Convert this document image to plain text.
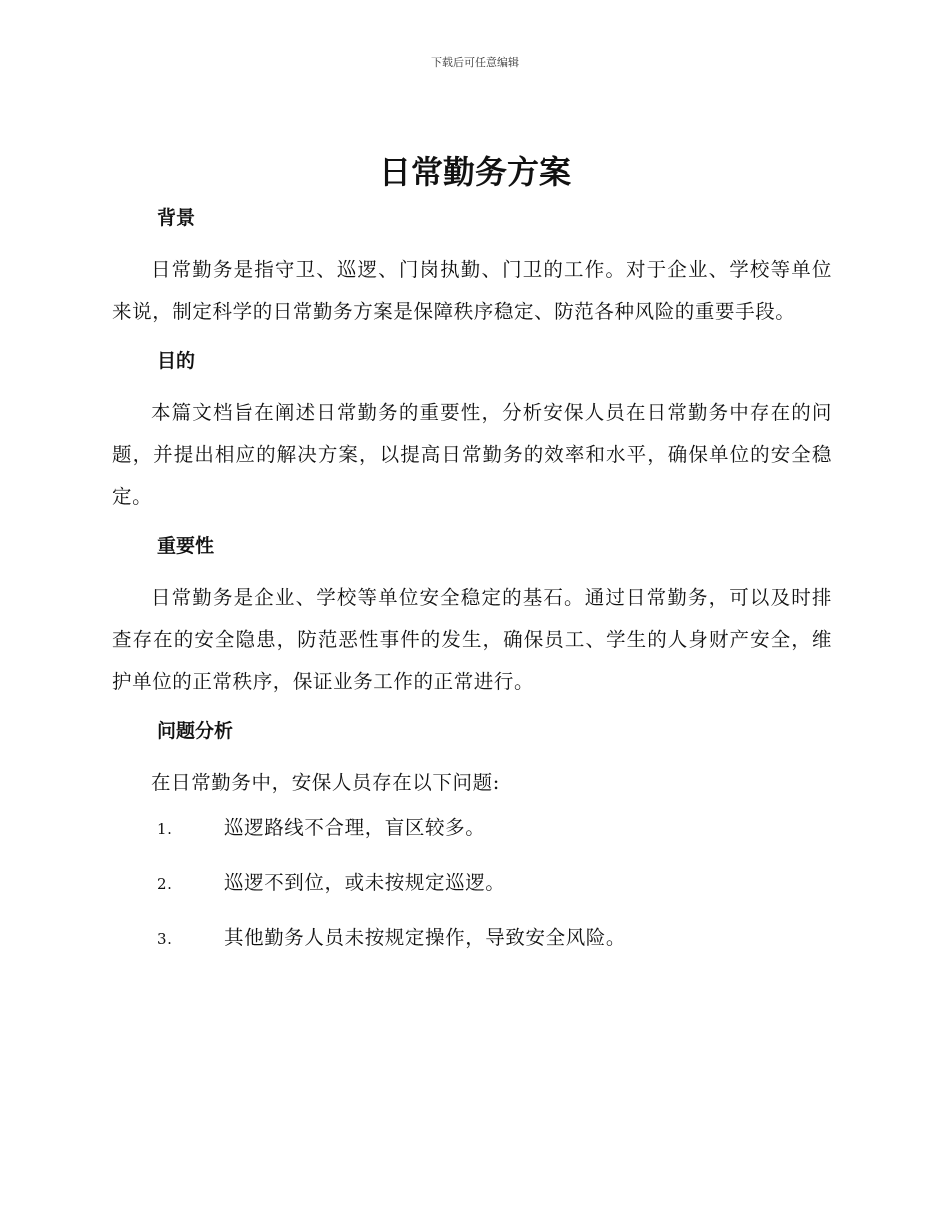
下载后可任意编辑
日常勤务方案
背景

日常勤务是指守卫、巡逻、门岗执勤、门卫的工作。对于企业、学校等单位来说，制定科学的日常勤务方案是保障秩序稳定、防范各种风险的重要手段。

目的

本篇文档旨在阐述日常勤务的重要性，分析安保人员在日常勤务中存在的问题，并提出相应的解决方案，以提高日常勤务的效率和水平，确保单位的安全稳定。

重要性

日常勤务是企业、学校等单位安全稳定的基石。通过日常勤务，可以及时排查存在的安全隐患，防范恶性事件的发生，确保员工、学生的人身财产安全，维护单位的正常秩序，保证业务工作的正常进行。

问题分析

在日常勤务中，安保人员存在以下问题:

1.	巡逻路线不合理，盲区较多。
2.	巡逻不到位，或未按规定巡逻。
3.	其他勤务人员未按规定操作，导致安全风险。
